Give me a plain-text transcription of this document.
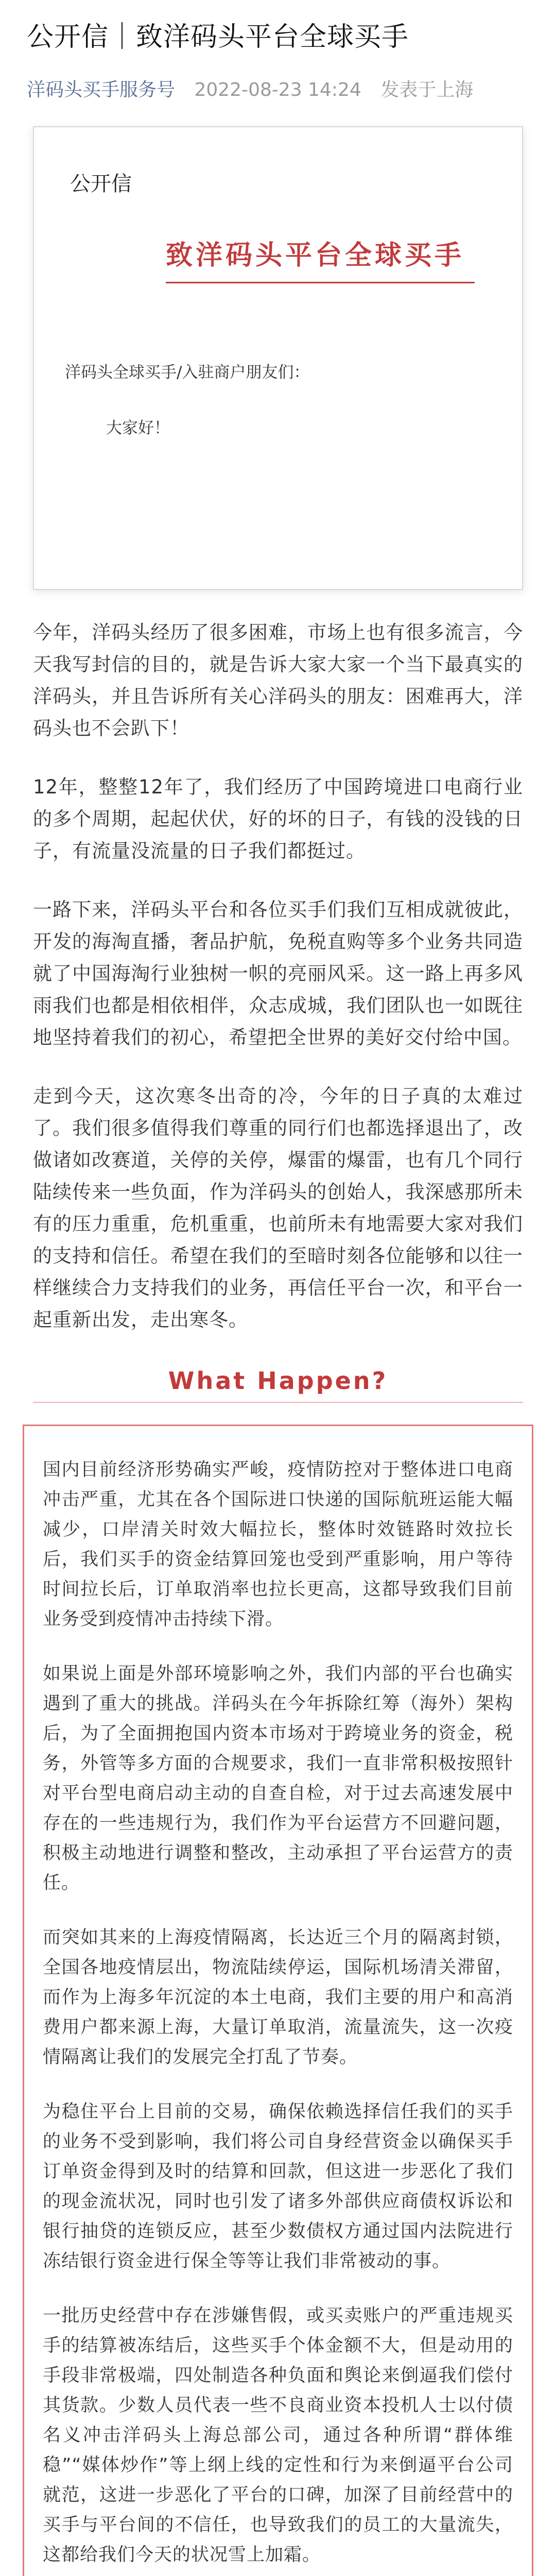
公开信｜致洋码头平台全球买手
洋码头买手服务号 2022-08-23 14:24 发表于上海
公开信
致洋码头平台全球买手
洋码头全球买手/入驻商户朋友们：
大家好！

今年，洋码头经历了很多困难，市场上也有很多流言，今天我写封信的目的，就是告诉大家大家一个当下最真实的洋码头，并且告诉所有关心洋码头的朋友：困难再大，洋码头也不会趴下！

12年，整整12年了，我们经历了中国跨境进口电商行业的多个周期，起起伏伏，好的坏的日子，有钱的没钱的日子，有流量没流量的日子我们都挺过。

一路下来，洋码头平台和各位买手们我们互相成就彼此，开发的海淘直播，奢品护航，免税直购等多个业务共同造就了中国海淘行业独树一帜的亮丽风采。这一路上再多风雨我们也都是相依相伴，众志成城，我们团队也一如既往地坚持着我们的初心，希望把全世界的美好交付给中国。

走到今天，这次寒冬出奇的冷，今年的日子真的太难过了。我们很多值得我们尊重的同行们也都选择退出了，改做诸如改赛道，关停的关停，爆雷的爆雷，也有几个同行陆续传来一些负面，作为洋码头的创始人，我深感那所未有的压力重重，危机重重，也前所未有地需要大家对我们的支持和信任。希望在我们的至暗时刻各位能够和以往一样继续合力支持我们的业务，再信任平台一次，和平台一起重新出发，走出寒冬。

What Happen?

国内目前经济形势确实严峻，疫情防控对于整体进口电商冲击严重，尤其在各个国际进口快递的国际航班运能大幅减少，口岸清关时效大幅拉长，整体时效链路时效拉长后，我们买手的资金结算回笼也受到严重影响，用户等待时间拉长后，订单取消率也拉长更高，这都导致我们目前业务受到疫情冲击持续下滑。

如果说上面是外部环境影响之外，我们内部的平台也确实遇到了重大的挑战。洋码头在今年拆除红筹（海外）架构后，为了全面拥抱国内资本市场对于跨境业务的资金，税务，外管等多方面的合规要求，我们一直非常积极按照针对平台型电商启动主动的自查自检，对于过去高速发展中存在的一些违规行为，我们作为平台运营方不回避问题，积极主动地进行调整和整改，主动承担了平台运营方的责任。

而突如其来的上海疫情隔离，长达近三个月的隔离封锁，全国各地疫情层出，物流陆续停运，国际机场清关滞留，而作为上海多年沉淀的本土电商，我们主要的用户和高消费用户都来源上海，大量订单取消，流量流失，这一次疫情隔离让我们的发展完全打乱了节奏。

为稳住平台上目前的交易，确保依赖选择信任我们的买手的业务不受到影响，我们将公司自身经营资金以确保买手订单资金得到及时的结算和回款，但这进一步恶化了我们的现金流状况，同时也引发了诸多外部供应商债权诉讼和银行抽贷的连锁反应，甚至少数债权方通过国内法院进行冻结银行资金进行保全等等让我们非常被动的事。

一批历史经营中存在涉嫌售假，或买卖账户的严重违规买手的结算被冻结后，这些买手个体金额不大，但是动用的手段非常极端，四处制造各种负面和舆论来倒逼我们偿付其货款。少数人员代表一些不良商业资本投机人士以付债名义冲击洋码头上海总部公司，通过各种所谓“群体维稳”“媒体炒作”等上纲上线的定性和行为来倒逼平台公司就范，这进一步恶化了平台的口碑，加深了目前经营中的买手与平台间的不信任，也导致我们的员工的大量流失，这都给我们今天的状况雪上加霜。
